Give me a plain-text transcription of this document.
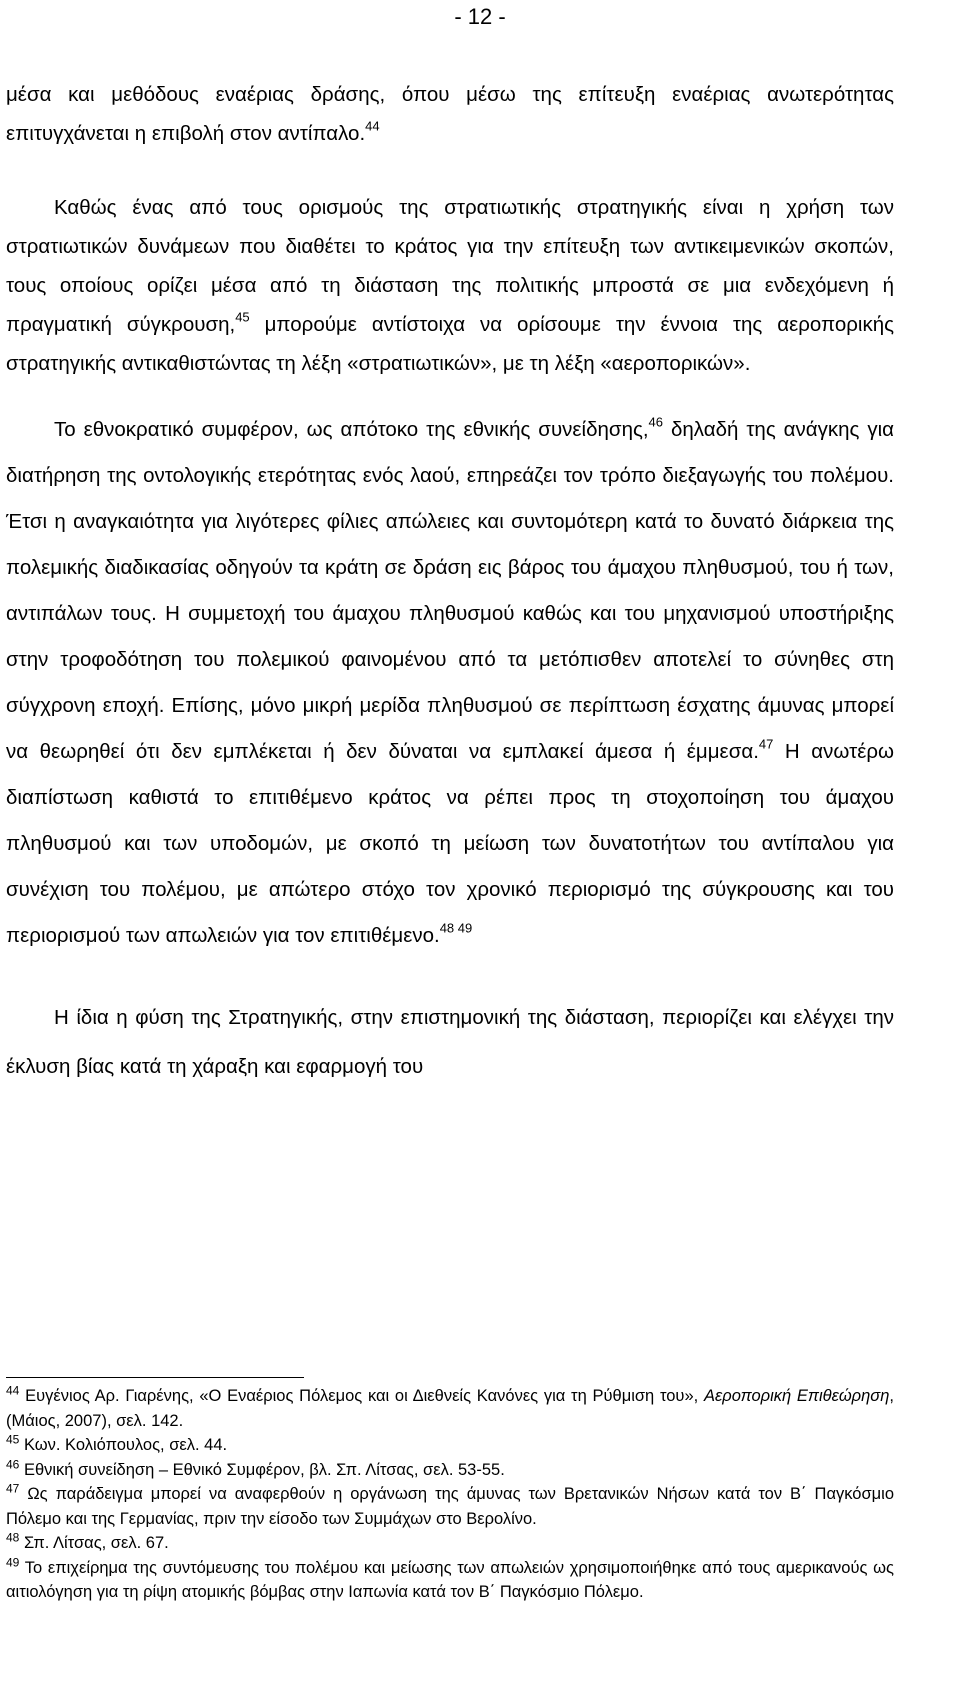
- 12 -

μέσα και μεθόδους εναέριας δράσης, όπου μέσω της επίτευξη εναέριας ανωτερότητας επιτυγχάνεται η επιβολή στον αντίπαλο.$^{44}$

Καθώς ένας από τους ορισμούς της στρατιωτικής στρατηγικής είναι η χρήση των στρατιωτικών δυνάμεων που διαθέτει το κράτος για την επίτευξη των αντικειμενικών σκοπών, τους οποίους ορίζει μέσα από τη διάσταση της πολιτικής μπροστά σε μια ενδεχόμενη ή πραγματική σύγκρουση,$^{45}$ μπορούμε αντίστοιχα να ορίσουμε την έννοια της αεροπορικής στρατηγικής αντικαθιστώντας τη λέξη «στρατιωτικών», με τη λέξη «αεροπορικών».

Το εθνοκρατικό συμφέρον, ως απότοκο της εθνικής συνείδησης,$^{46}$ δηλαδή της ανάγκης για διατήρηση της οντολογικής ετερότητας ενός λαού, επηρεάζει τον τρόπο διεξαγωγής του πολέμου. Έτσι η αναγκαιότητα για λιγότερες φίλιες απώλειες και συντομότερη κατά το δυνατό διάρκεια της πολεμικής διαδικασίας οδηγούν τα κράτη σε δράση εις βάρος του άμαχου πληθυσμού, του ή των, αντιπάλων τους. Η συμμετοχή του άμαχου πληθυσμού καθώς και του μηχανισμού υποστήριξης στην τροφοδότηση του πολεμικού φαινομένου από τα μετόπισθεν αποτελεί το σύνηθες στη σύγχρονη εποχή. Επίσης, μόνο μικρή μερίδα πληθυσμού σε περίπτωση έσχατης άμυνας μπορεί να θεωρηθεί ότι δεν εμπλέκεται ή δεν δύναται να εμπλακεί άμεσα ή έμμεσα.$^{47}$ Η ανωτέρω διαπίστωση καθιστά το επιτιθέμενο κράτος να ρέπει προς τη στοχοποίηση του άμαχου πληθυσμού και των υποδομών, με σκοπό τη μείωση των δυνατοτήτων του αντίπαλου για συνέχιση του πολέμου, με απώτερο στόχο τον χρονικό περιορισμό της σύγκρουσης και του περιορισμού των απωλειών για τον επιτιθέμενο.$^{48 49}$

Η ίδια η φύση της Στρατηγικής, στην επιστημονική της διάσταση, περιορίζει και ελέγχει την έκλυση βίας κατά τη χάραξη και εφαρμογή του

$^{44}$ Ευγένιος Αρ. Γιαρένης, «Ο Εναέριος Πόλεμος και οι Διεθνείς Κανόνες για τη Ρύθμιση του», Αεροπορική Επιθεώρηση, (Μάιος, 2007), σελ. 142.

$^{45}$ Κων. Κολιόπουλος, σελ. 44.

$^{46}$ Εθνική συνείδηση – Εθνικό Συμφέρον, βλ. Σπ. Λίτσας, σελ. 53-55.

$^{47}$ Ως παράδειγμα μπορεί να αναφερθούν η οργάνωση της άμυνας των Βρετανικών Νήσων κατά τον Β΄ Παγκόσμιο Πόλεμο και της Γερμανίας, πριν την είσοδο των Συμμάχων στο Βερολίνο.

$^{48}$ Σπ. Λίτσας, σελ. 67.

$^{49}$ Το επιχείρημα της συντόμευσης του πολέμου και μείωσης των απωλειών χρησιμοποιήθηκε από τους αμερικανούς ως αιτιολόγηση για τη ρίψη ατομικής βόμβας στην Ιαπωνία κατά τον Β΄ Παγκόσμιο Πόλεμο.
